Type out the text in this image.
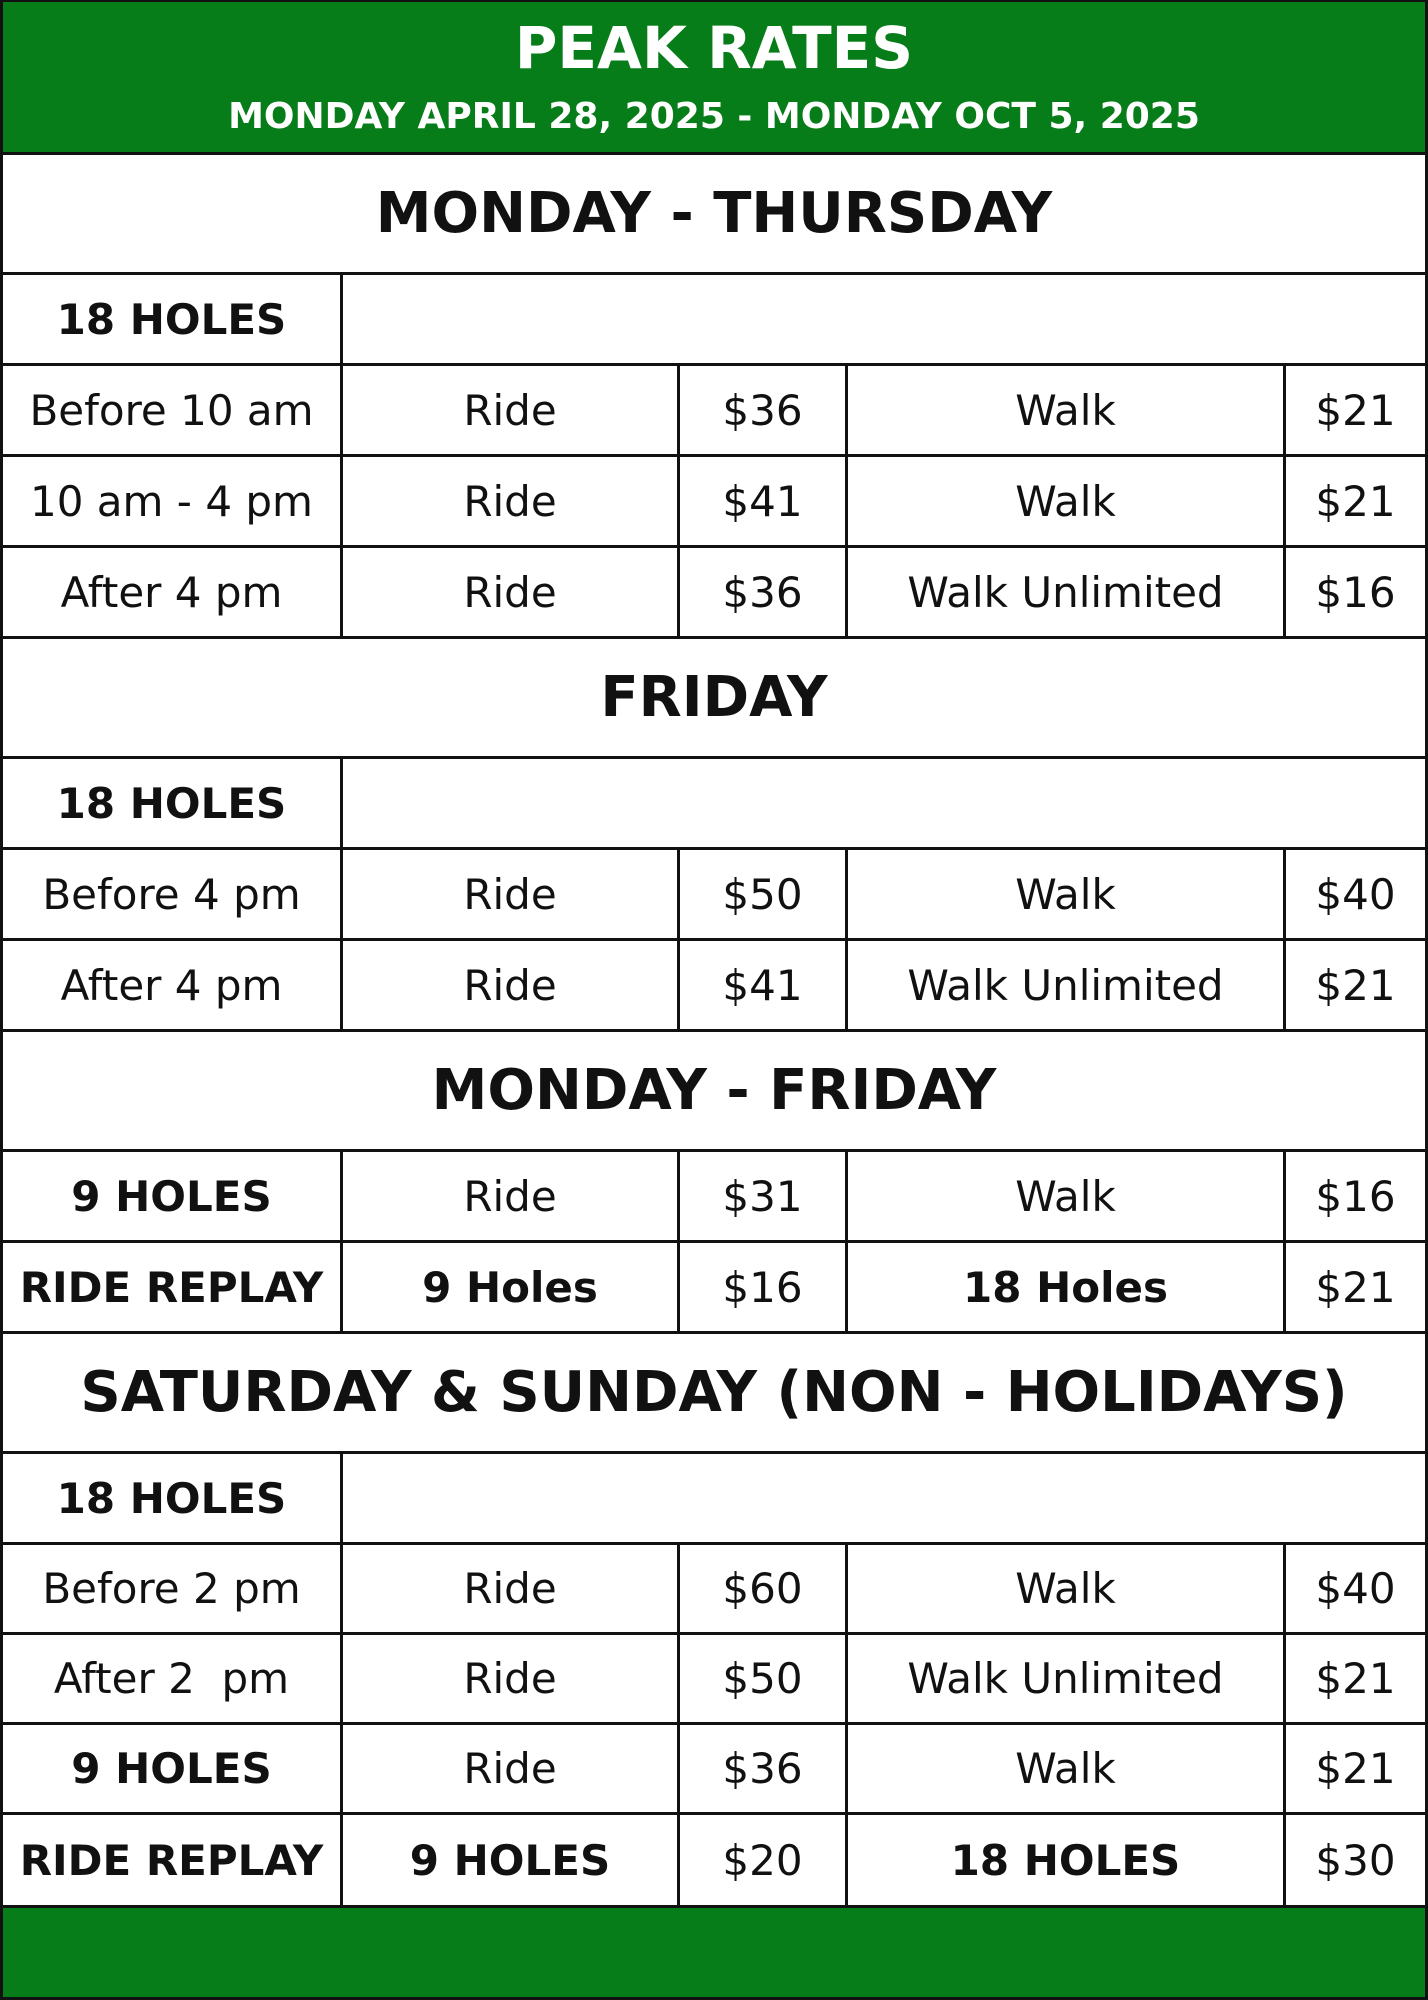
PEAK RATES
MONDAY APRIL 28, 2025 - MONDAY OCT 5, 2025
MONDAY - THURSDAY
18 HOLES
Before 10 am	Ride	$36	Walk	$21
10 am - 4 pm	Ride	$41	Walk	$21
After 4 pm	Ride	$36	Walk Unlimited	$16
FRIDAY
18 HOLES
Before 4 pm	Ride	$50	Walk	$40
After 4 pm	Ride	$41	Walk Unlimited	$21
MONDAY - FRIDAY
9 HOLES	Ride	$31	Walk	$16
RIDE REPLAY	9 Holes	$16	18 Holes	$21
SATURDAY & SUNDAY (NON - HOLIDAYS)
18 HOLES
Before 2 pm	Ride	$60	Walk	$40
After 2  pm	Ride	$50	Walk Unlimited	$21
9 HOLES	Ride	$36	Walk	$21
RIDE REPLAY	9 HOLES	$20	18 HOLES	$30
